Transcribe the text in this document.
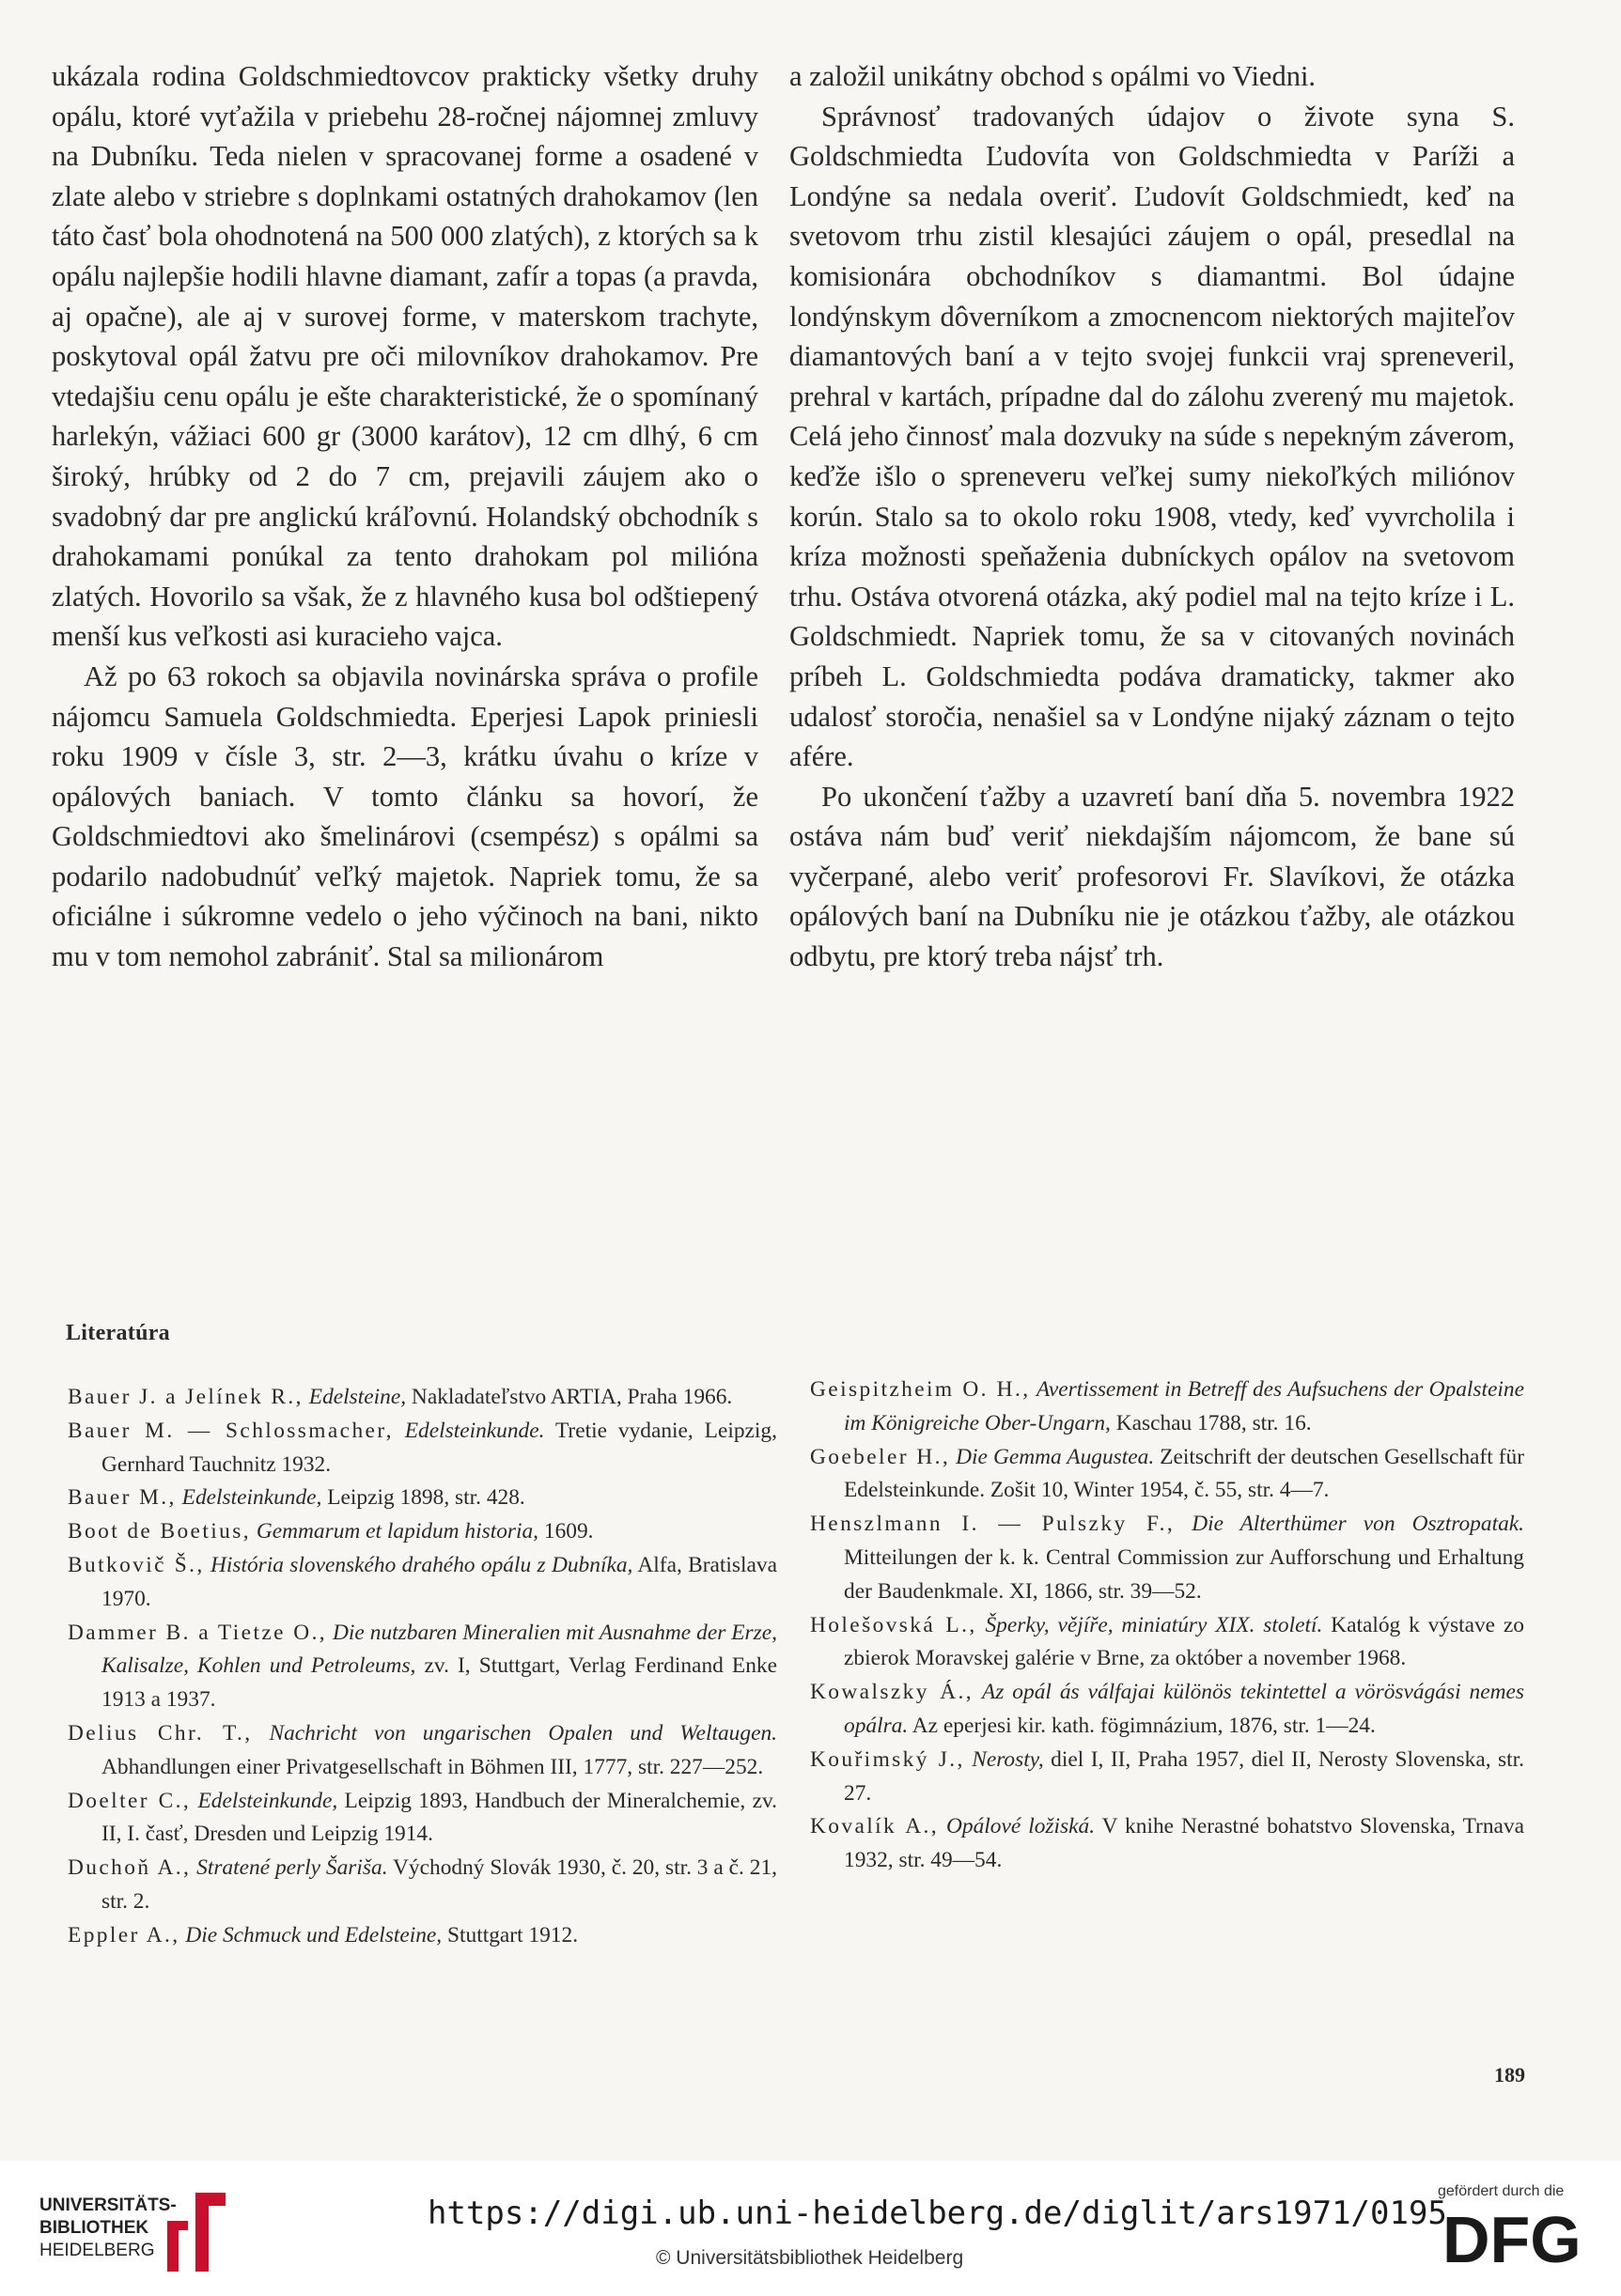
ukázala rodina Goldschmiedtovcov prakticky všetky druhy opálu, ktoré vyťažila v priebehu 28-ročnej nájomnej zmluvy na Dubníku. Teda nielen v spracovanej forme a osadené v zlate alebo v striebre s doplnkami ostatných drahokamov (len táto časť bola ohodnotená na 500 000 zlatých), z ktorých sa k opálu najlepšie hodili hlavne diamant, zafír a topas (a pravda, aj opačne), ale aj v surovej forme, v materskom trachyte, poskytoval opál žatvu pre oči milovníkov drahokamov. Pre vtedajšiu cenu opálu je ešte charakteristické, že o spomínaný harlekýn, vážiaci 600 gr (3000 karátov), 12 cm dlhý, 6 cm široký, hrúbky od 2 do 7 cm, prejavili záujem ako o svadobný dar pre anglickú kráľovnú. Holandský obchodník s drahokamami ponúkal za tento drahokam pol milióna zlatých. Hovorilo sa však, že z hlavného kusa bol odštiepený menší kus veľkosti asi kuracieho vajca.

Až po 63 rokoch sa objavila novinárska správa o profile nájomcu Samuela Goldschmiedta. Eperjesi Lapok priniesli roku 1909 v čísle 3, str. 2—3, krátku úvahu o kríze v opálových baniach. V tomto článku sa hovorí, že Goldschmiedtovi ako šmelinárovi (csempész) s opálmi sa podarilo nadobudnúť veľký majetok. Napriek tomu, že sa oficiálne i súkromne vedelo o jeho výčinoch na bani, nikto mu v tom nemohol zabrániť. Stal sa milionárom

a založil unikátny obchod s opálmi vo Viedni.

Správnosť tradovaných údajov o živote syna S. Goldschmiedta Ľudovíta von Goldschmiedta v Paríži a Londýne sa nedala overiť. Ľudovít Goldschmiedt, keď na svetovom trhu zistil klesajúci záujem o opál, presedlal na komisionára obchodníkov s diamantmi. Bol údajne londýnskym dôverníkom a zmocnencom niektorých majiteľov diamantových baní a v tejto svojej funkcii vraj spreneveril, prehral v kartách, prípadne dal do zálohu zverený mu majetok. Celá jeho činnosť mala dozvuky na súde s nepekným záverom, keďže išlo o spreneveru veľkej sumy niekoľkých miliónov korún. Stalo sa to okolo roku 1908, vtedy, keď vyvrcholila i kríza možnosti speňaženia dubníckych opálov na svetovom trhu. Ostáva otvorená otázka, aký podiel mal na tejto kríze i L. Goldschmiedt. Napriek tomu, že sa v citovaných novinách príbeh L. Goldschmiedta podáva dramaticky, takmer ako udalosť storočia, nenašiel sa v Londýne nijaký záznam o tejto afére.

Po ukončení ťažby a uzavretí baní dňa 5. novembra 1922 ostáva nám buď veriť niekdajším nájomcom, že bane sú vyčerpané, alebo veriť profesorovi Fr. Slavíkovi, že otázka opálových baní na Dubníku nie je otázkou ťažby, ale otázkou odbytu, pre ktorý treba nájsť trh.

Literatúra
Bauer J. a Jelínek R., Edelsteine, Nakladateľstvo ARTIA, Praha 1966.
Bauer M. — Schlossmacher, Edelsteinkunde. Tretie vydanie, Leipzig, Gernhard Tauchnitz 1932.
Bauer M., Edelsteinkunde, Leipzig 1898, str. 428.
Boot de Boetius, Gemmarum et lapidum historia, 1609.
Butkovič Š., História slovenského drahého opálu z Dubníka, Alfa, Bratislava 1970.
Dammer B. a Tietze O., Die nutzbaren Mineralien mit Ausnahme der Erze, Kalisalze, Kohlen und Petroleums, zv. I, Stuttgart, Verlag Ferdinand Enke 1913 a 1937.
Delius Chr. T., Nachricht von ungarischen Opalen und Weltaugen. Abhandlungen einer Privatgesellschaft in Böhmen III, 1777, str. 227—252.
Doelter C., Edelsteinkunde, Leipzig 1893, Handbuch der Mineralchemie, zv. II, I. časť, Dresden und Leipzig 1914.
Duchoň A., Stratené perly Šariša. Východný Slovák 1930, č. 20, str. 3 a č. 21, str. 2.
Eppler A., Die Schmuck und Edelsteine, Stuttgart 1912.
Geispitzheim O. H., Avertissement in Betreff des Aufsuchens der Opalsteine im Königreiche Ober-Ungarn, Kaschau 1788, str. 16.
Goebeler H., Die Gemma Augustea. Zeitschrift der deutschen Gesellschaft für Edelsteinkunde. Zošit 10, Winter 1954, č. 55, str. 4—7.
Henszlmann I. — Pulszky F., Die Alterthümer von Osztropatak. Mitteilungen der k. k. Central Commission zur Aufforschung und Erhaltung der Baudenkmale. XI, 1866, str. 39—52.
Holešovská L., Šperky, vějíře, miniatúry XIX. století. Katalóg k výstave zo zbierok Moravskej galérie v Brne, za október a november 1968.
Kowalszky Á., Az opál ás válfajai különös tekintettel a vörösvágási nemes opálra. Az eperjesi kir. kath. fögimnázium, 1876, str. 1—24.
Kouřimský J., Nerosty, diel I, II, Praha 1957, diel II, Nerosty Slovenska, str. 27.
Kovalík A., Opálové ložiská. V knihe Nerastné bohatstvo Slovenska, Trnava 1932, str. 49—54.
189
UNIVERSITÄTS-
BIBLIOTHEK
HEIDELBERG
https://digi.ub.uni-heidelberg.de/diglit/ars1971/0195
© Universitätsbibliothek Heidelberg
gefördert durch die
DFG
